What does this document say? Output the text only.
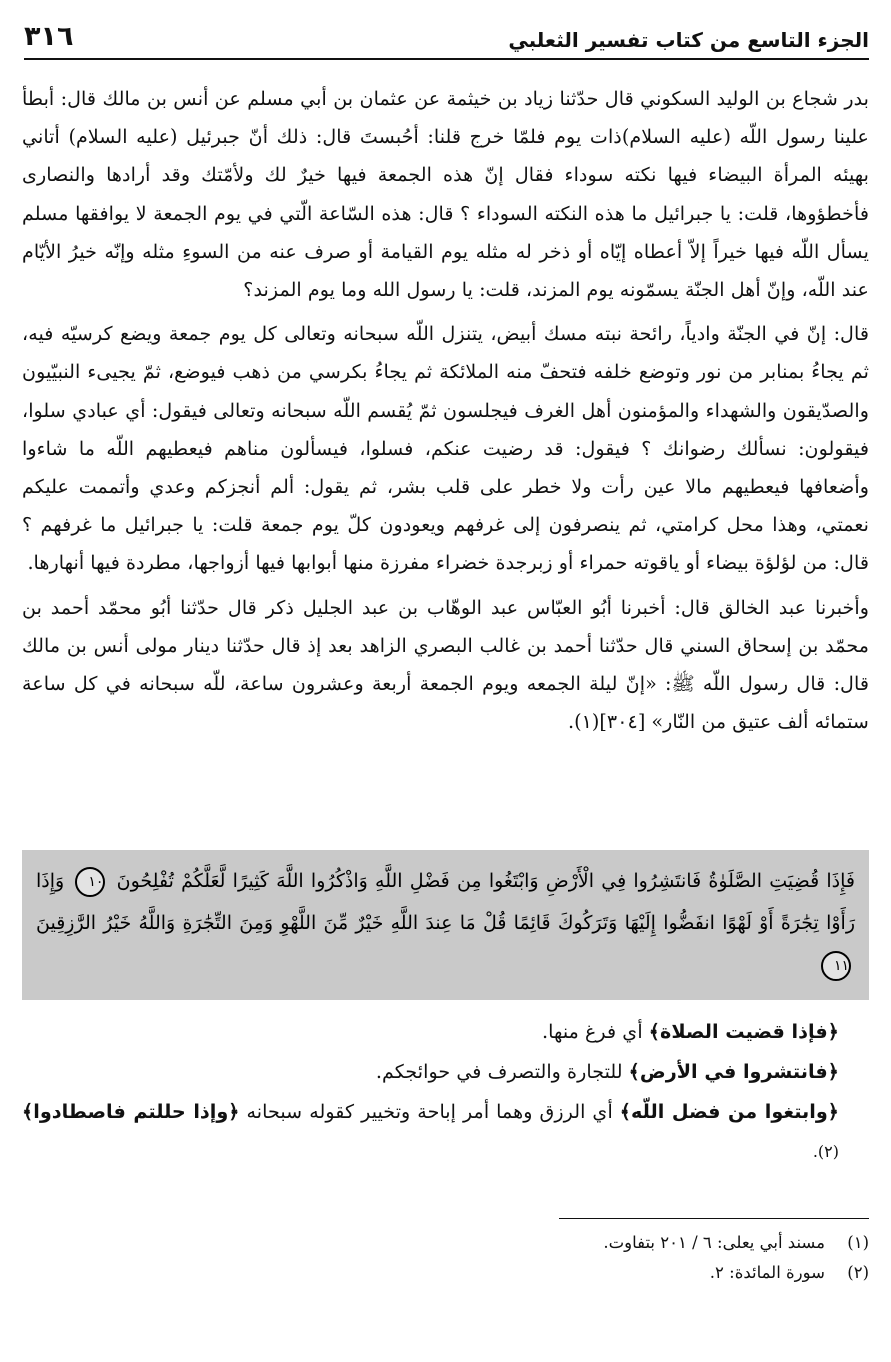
الجزء التاسع من كتاب تفسير الثعلبي
٣١٦

بدر شجاع بن الوليد السكوني قال حدّثنا زياد بن خيثمة عن عثمان بن أبي مسلم عن أنس بن مالك قال: أبطأ علينا رسول اللّه (عليه السلام)ذات يوم فلمّا خرج قلنا: أحُبستَ قال: ذلك أنّ جبرئيل (عليه السلام) أتاني بهيئه المرأة البيضاء فيها نكته سوداء فقال إنّ هذه الجمعة فيها خيرٌ لك ولأمّتك وقد أرادها والنصارى فأخطؤوها، قلت: يا جبرائيل ما هذه النكته السوداء ؟ قال: هذه السّاعة الّتي في يوم الجمعة لا يوافقها مسلم يسأل اللّه فيها خيراً إلاّ أعطاه إيّاه أو ذخر له مثله يوم القيامة أو صرف عنه من السوءِ مثله وإنّه خيرُ الأيّام عند اللّه، وإنّ أهل الجنّة يسمّونه يوم المزند، قلت: يا رسول الله وما يوم المزند؟

قال: إنّ في الجنّة وادياً، رائحة نبته مسك أبيض، يتنزل اللّه سبحانه وتعالى كل يوم جمعة ويضع كرسيّه فيه، ثم يجاءُ بمنابر من نور وتوضع خلفه فتحفّ منه الملائكة ثم يجاءُ بكرسي من ذهب فيوضع، ثمّ يجيىء النبيّيون والصدّيقون والشهداء والمؤمنون أهل الغرف فيجلسون ثمّ يُقسم اللّه سبحانه وتعالى فيقول: أي عبادي سلوا، فيقولون: نسألك رضوانك ؟ فيقول: قد رضيت عنكم، فسلوا، فيسألون مناهم فيعطيهم اللّه ما شاءوا وأضعافها فيعطيهم مالا عين رأت ولا خطر على قلب بشر، ثم يقول: ألم أنجزكم وعدي وأتممت عليكم نعمتي، وهذا محل كرامتي، ثم ينصرفون إلى غرفهم ويعودون كلّ يوم جمعة قلت: يا جبرائيل ما غرفهم ؟ قال: من لؤلؤة بيضاء أو ياقوته حمراء أو زبرجدة خضراء مفرزة منها أبوابها فيها أزواجها، مطردة فيها أنهارها.

وأخبرنا عبد الخالق قال: أخبرنا أبُو العبّاس عبد الوهّاب بن عبد الجليل ذكر قال حدّثنا أبُو محمّد أحمد بن محمّد بن إسحاق السني قال حدّثنا أحمد بن غالب البصري الزاهد بعد إذ قال حدّثنا دينار مولى أنس بن مالك قال: قال رسول اللّه ﷺ: «إنّ ليلة الجمعه ويوم الجمعة أربعة وعشرون ساعة، للّه سبحانه في كل ساعة ستمائه ألف عتيق من النّار» [٣٠٤](١).

فَإِذَا قُضِيَتِ الصَّلَوٰةُ فَانتَشِرُوا فِي الْأَرْضِ وَابْتَغُوا مِن فَضْلِ اللَّهِ وَاذْكُرُوا اللَّهَ كَثِيرًا لَّعَلَّكُمْ تُفْلِحُونَ ١٠ وَإِذَا رَأَوْا تِجَٰرَةً أَوْ لَهْوًا انفَضُّوا إِلَيْهَا وَتَرَكُوكَ قَائِمًا قُلْ مَا عِندَ اللَّهِ خَيْرٌ مِّنَ اللَّهْوِ وَمِنَ التِّجَٰرَةِ وَاللَّهُ خَيْرُ الرَّٰزِقِينَ ١١
﴿فإذا قضيت الصلاة﴾ أي فرغ منها.
﴿فانتشروا في الأرض﴾ للتجارة والتصرف في حوائجكم.
﴿وابتغوا من فضل اللّه﴾ أي الرزق وهما أمر إباحة وتخيير كقوله سبحانه ﴿وإذا حللتم فاصطادوا﴾$^{(٢).}$
(١)
مسند أبي يعلى: ٦ / ٢٠١ بتفاوت.
(٢)
سورة المائدة: ٢.
